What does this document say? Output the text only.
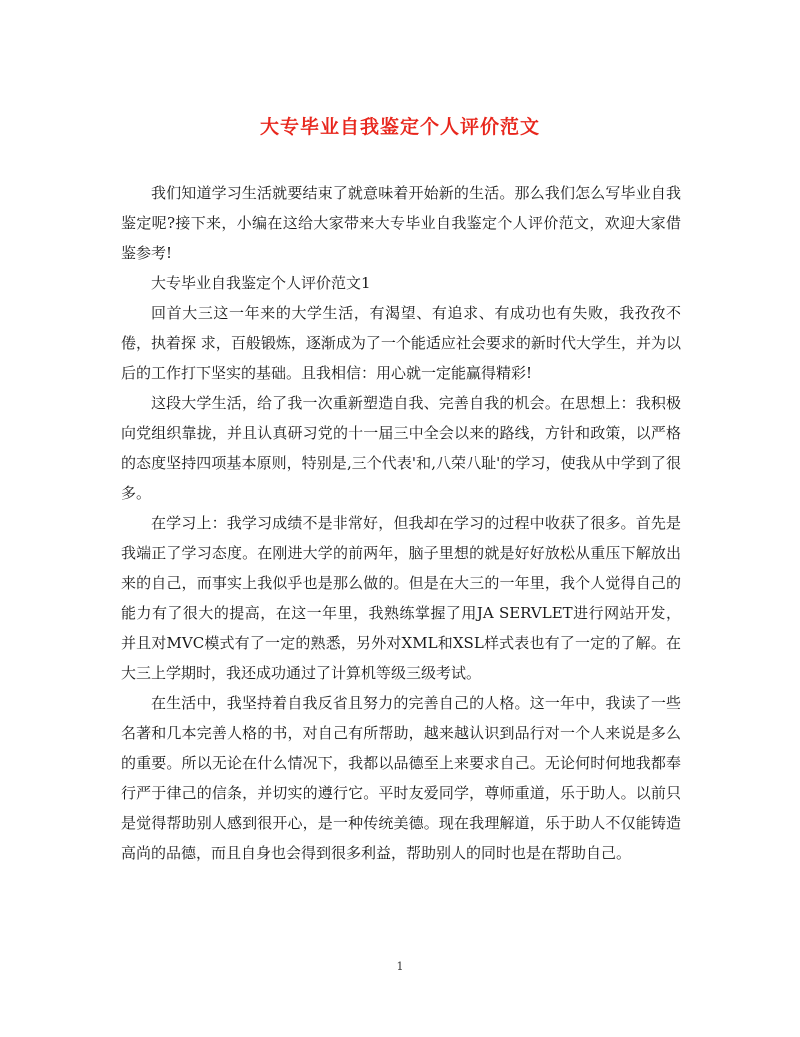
大专毕业自我鉴定个人评价范文

我们知道学习生活就要结束了就意味着开始新的生活。那么我们怎么写毕业自我鉴定呢?接下来，小编在这给大家带来大专毕业自我鉴定个人评价范文，欢迎大家借鉴参考!

大专毕业自我鉴定个人评价范文1

回首大三这一年来的大学生活，有渴望、有追求、有成功也有失败，我孜孜不倦，执着探 求，百般锻炼，逐渐成为了一个能适应社会要求的新时代大学生，并为以后的工作打下坚实的基础。且我相信：用心就一定能赢得精彩!

这段大学生活，给了我一次重新塑造自我、完善自我的机会。在思想上：我积极向党组织靠拢，并且认真研习党的十一届三中全会以来的路线，方针和政策，以严格的态度坚持四项基本原则，特别是‚三个代表'和‚八荣八耻'的学习，使我从中学到了很多。

在学习上：我学习成绩不是非常好，但我却在学习的过程中收获了很多。首先是我端正了学习态度。在刚进大学的前两年，脑子里想的就是好好放松从重压下解放出来的自己，而事实上我似乎也是那么做的。但是在大三的一年里，我个人觉得自己的能力有了很大的提高，在这一年里，我熟练掌握了用JA SERVLET进行网站开发，并且对MVC模式有了一定的熟悉，另外对XML和XSL样式表也有了一定的了解。在大三上学期时，我还成功通过了计算机等级三级考试。

在生活中，我坚持着自我反省且努力的完善自己的人格。这一年中，我读了一些名著和几本完善人格的书，对自己有所帮助，越来越认识到品行对一个人来说是多么的重要。所以无论在什么情况下，我都以品德至上来要求自己。无论何时何地我都奉行严于律己的信条，并切实的遵行它。平时友爱同学，尊师重道，乐于助人。以前只是觉得帮助别人感到很开心，是一种传统美德。现在我理解道，乐于助人不仅能铸造高尚的品德，而且自身也会得到很多利益，帮助别人的同时也是在帮助自己。

1
